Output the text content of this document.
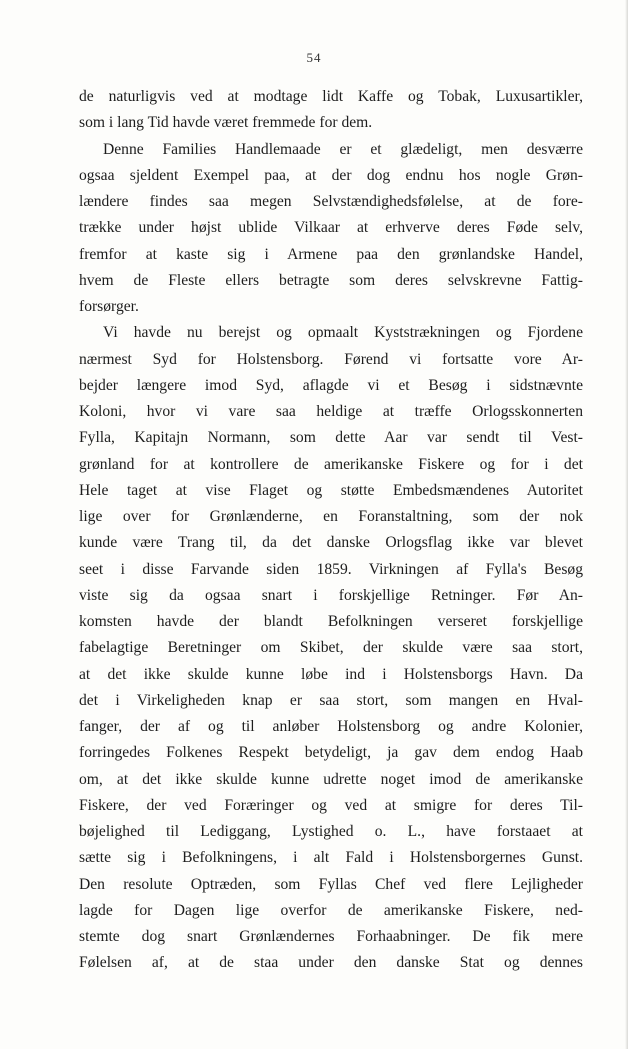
54
de naturligvis ved at modtage lidt Kaffe og Tobak, Luxusartikler,
som i lang Tid havde været fremmede for dem.
Denne Families Handlemaade er et glædeligt, men desværre
ogsaa sjeldent Exempel paa, at der dog endnu hos nogle Grøn-
lændere findes saa megen Selvstændighedsfølelse, at de fore-
trække under højst ublide Vilkaar at erhverve deres Føde selv,
fremfor at kaste sig i Armene paa den grønlandske Handel,
hvem de Fleste ellers betragte som deres selvskrevne Fattig-
forsørger.
Vi havde nu berejst og opmaalt Kyststrækningen og Fjordene
nærmest Syd for Holstensborg. Førend vi fortsatte vore Ar-
bejder længere imod Syd, aflagde vi et Besøg i sidstnævnte
Koloni, hvor vi vare saa heldige at træffe Orlogsskonnerten
Fylla, Kapitajn Normann, som dette Aar var sendt til Vest-
grønland for at kontrollere de amerikanske Fiskere og for i det
Hele taget at vise Flaget og støtte Embedsmændenes Autoritet
lige over for Grønlænderne, en Foranstaltning, som der nok
kunde være Trang til, da det danske Orlogsflag ikke var blevet
seet i disse Farvande siden 1859. Virkningen af Fylla's Besøg
viste sig da ogsaa snart i forskjellige Retninger. Før An-
komsten havde der blandt Befolkningen verseret forskjellige
fabelagtige Beretninger om Skibet, der skulde være saa stort,
at det ikke skulde kunne løbe ind i Holstensborgs Havn. Da
det i Virkeligheden knap er saa stort, som mangen en Hval-
fanger, der af og til anløber Holstensborg og andre Kolonier,
forringedes Folkenes Respekt betydeligt, ja gav dem endog Haab
om, at det ikke skulde kunne udrette noget imod de amerikanske
Fiskere, der ved Foræringer og ved at smigre for deres Til-
bøjelighed til Lediggang, Lystighed o. L., have forstaaet at
sætte sig i Befolkningens, i alt Fald i Holstensborgernes Gunst.
Den resolute Optræden, som Fyllas Chef ved flere Lejligheder
lagde for Dagen lige overfor de amerikanske Fiskere, ned-
stemte dog snart Grønlændernes Forhaabninger. De fik mere
Følelsen af, at de staa under den danske Stat og dennes
